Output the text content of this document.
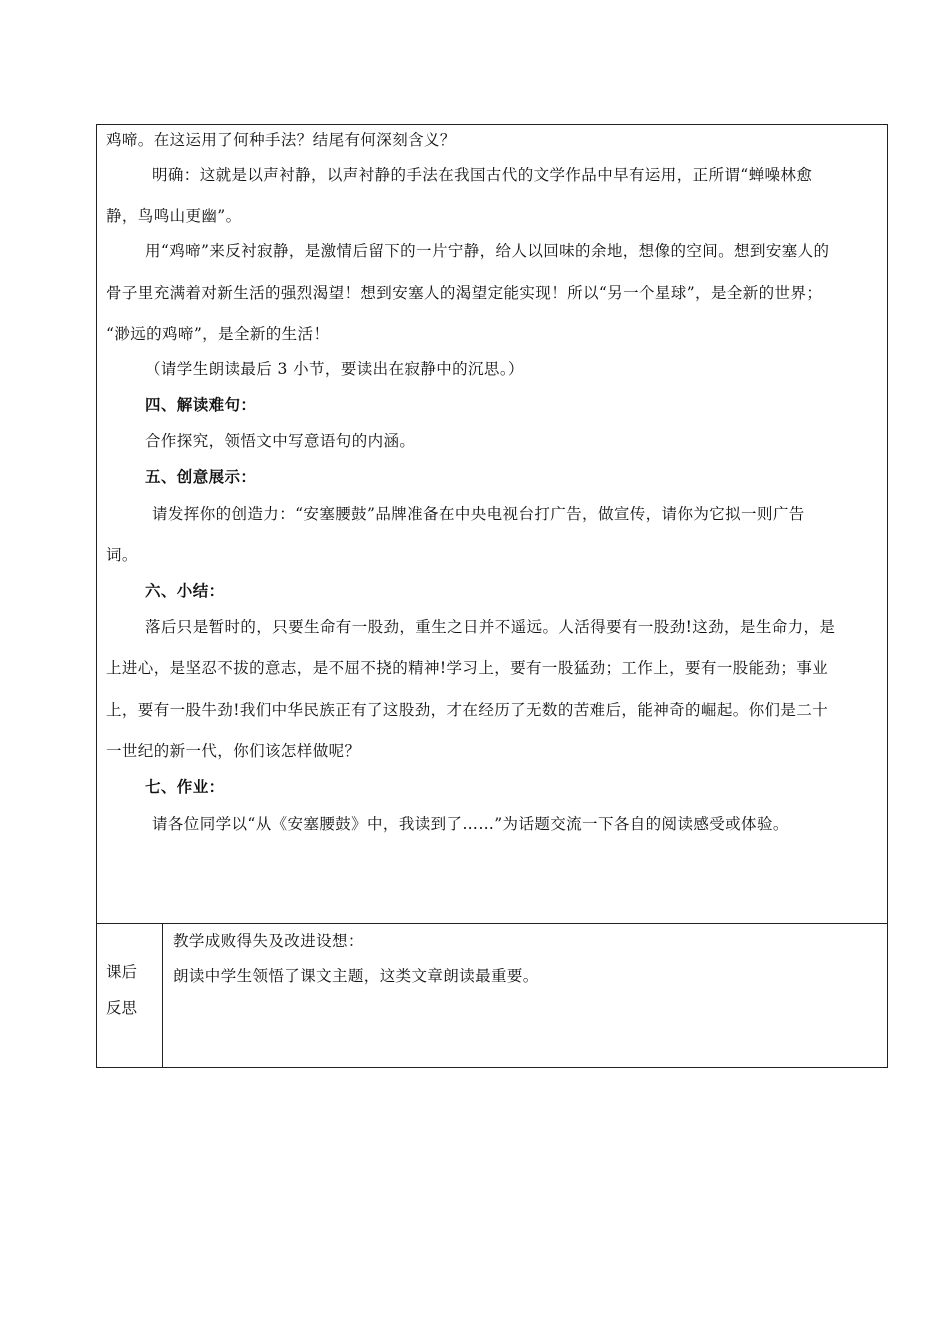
鸡啼。在这运用了何种手法？结尾有何深刻含义？
明确：这就是以声衬静，以声衬静的手法在我国古代的文学作品中早有运用，正所谓“蝉噪林愈
静，鸟鸣山更幽”。
用“鸡啼”来反衬寂静，是激情后留下的一片宁静，给人以回味的余地，想像的空间。想到安塞人的
骨子里充满着对新生活的强烈渴望！想到安塞人的渴望定能实现！所以“另一个星球”，是全新的世界；
“渺远的鸡啼”，是全新的生活！
（请学生朗读最后 3 小节，要读出在寂静中的沉思。）
四、解读难句：
合作探究，领悟文中写意语句的内涵。
五、创意展示：
请发挥你的创造力：“安塞腰鼓”品牌准备在中央电视台打广告，做宣传，请你为它拟一则广告
词。
六、小结：
落后只是暂时的，只要生命有一股劲，重生之日并不遥远。人活得要有一股劲!这劲，是生命力，是
上进心，是坚忍不拔的意志，是不屈不挠的精神!学习上，要有一股猛劲；工作上，要有一股能劲；事业
上，要有一股牛劲!我们中华民族正有了这股劲，才在经历了无数的苦难后，能神奇的崛起。你们是二十
一世纪的新一代，你们该怎样做呢？
七、作业：
请各位同学以“从《安塞腰鼓》中，我读到了……”为话题交流一下各自的阅读感受或体验。
课后
反思
教学成败得失及改进设想：
朗读中学生领悟了课文主题，这类文章朗读最重要。
